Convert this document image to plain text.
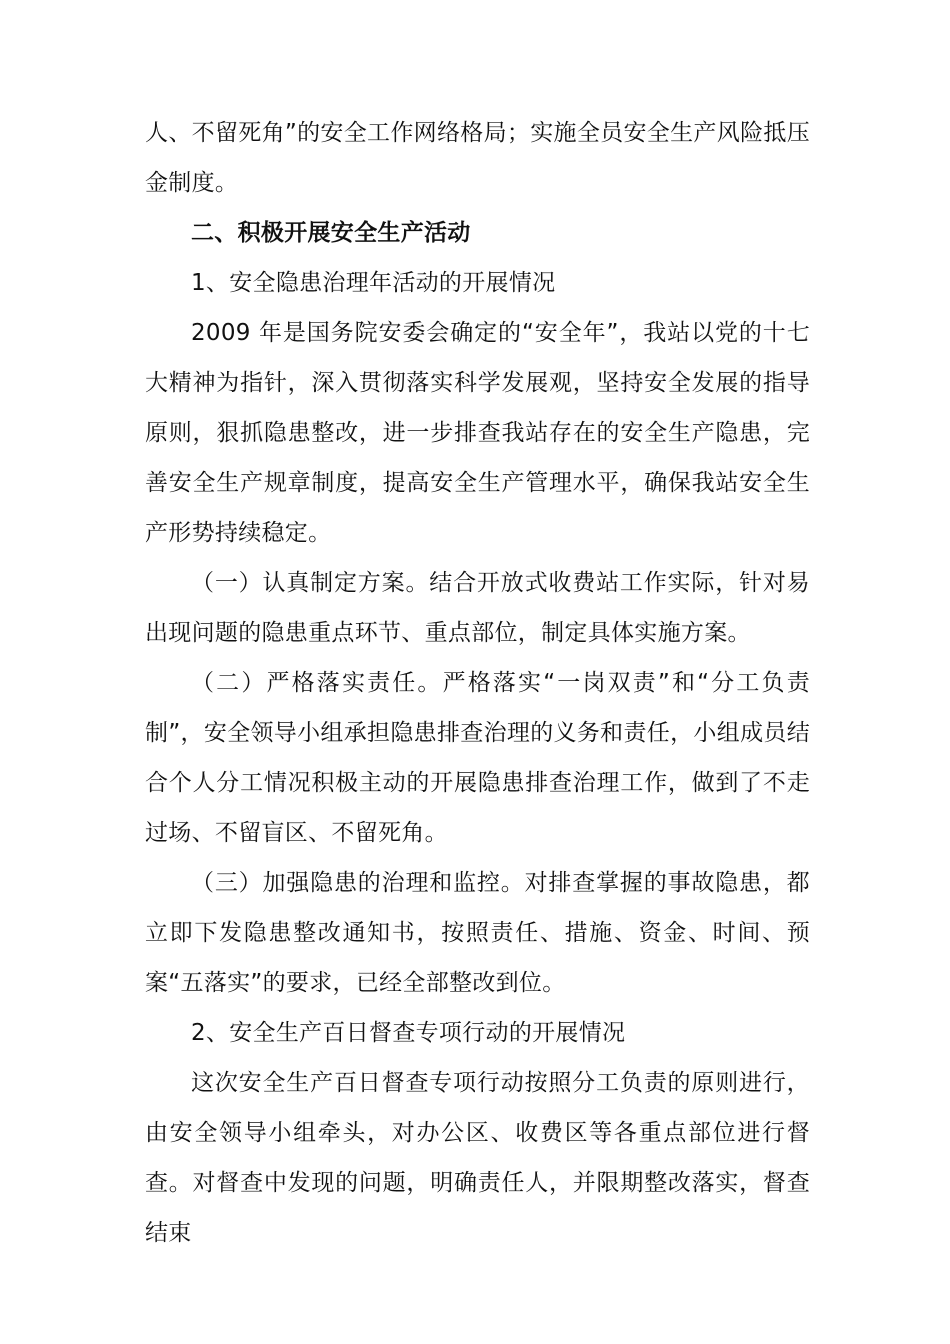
人、不留死角”的安全工作网络格局；实施全员安全生产风险抵压金制度。

二、积极开展安全生产活动

1、安全隐患治理年活动的开展情况

2009 年是国务院安委会确定的“安全年”，我站以党的十七大精神为指针，深入贯彻落实科学发展观，坚持安全发展的指导原则，狠抓隐患整改，进一步排查我站存在的安全生产隐患，完善安全生产规章制度，提高安全生产管理水平，确保我站安全生产形势持续稳定。

（一）认真制定方案。结合开放式收费站工作实际，针对易出现问题的隐患重点环节、重点部位，制定具体实施方案。

（二）严格落实责任。严格落实“一岗双责”和“分工负责制”，安全领导小组承担隐患排查治理的义务和责任，小组成员结合个人分工情况积极主动的开展隐患排查治理工作，做到了不走过场、不留盲区、不留死角。

（三）加强隐患的治理和监控。对排查掌握的事故隐患，都立即下发隐患整改通知书，按照责任、措施、资金、时间、预案“五落实”的要求，已经全部整改到位。

2、安全生产百日督查专项行动的开展情况

这次安全生产百日督查专项行动按照分工负责的原则进行，由安全领导小组牵头，对办公区、收费区等各重点部位进行督查。对督查中发现的问题，明确责任人，并限期整改落实，督查结束
